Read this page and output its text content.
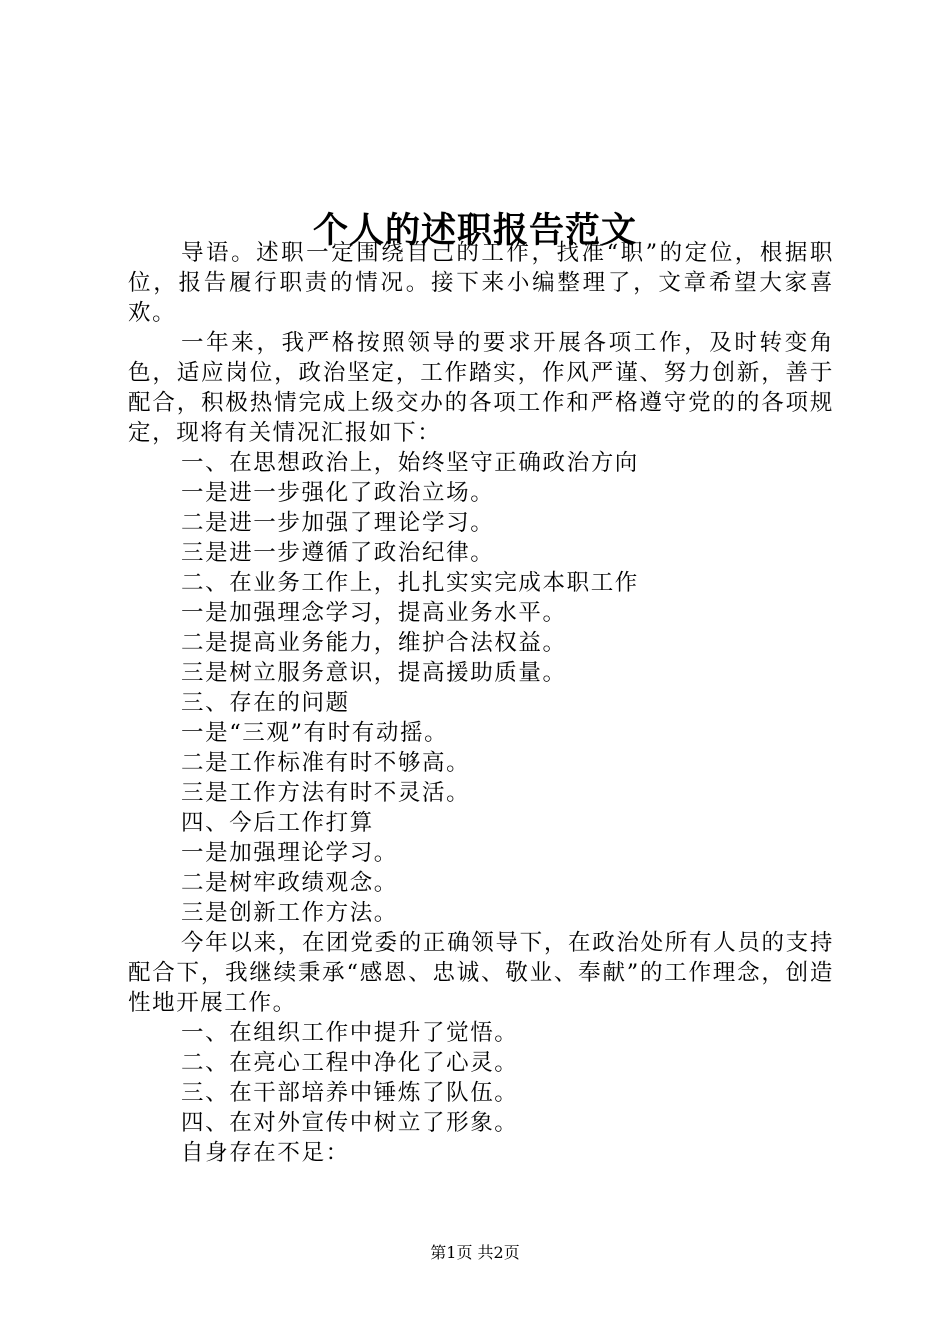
个人的述职报告范文

导语。述职一定围绕自己的工作，找准“职”的定位，根据职位，报告履行职责的情况。接下来小编整理了，文章希望大家喜欢。

一年来，我严格按照领导的要求开展各项工作，及时转变角色，适应岗位，政治坚定，工作踏实，作风严谨、努力创新，善于配合，积极热情完成上级交办的各项工作和严格遵守党的的各项规定，现将有关情况汇报如下：

一、在思想政治上，始终坚守正确政治方向

一是进一步强化了政治立场。

二是进一步加强了理论学习。

三是进一步遵循了政治纪律。

二、在业务工作上，扎扎实实完成本职工作

一是加强理念学习，提高业务水平。

二是提高业务能力，维护合法权益。

三是树立服务意识，提高援助质量。

三、存在的问题

一是“三观”有时有动摇。

二是工作标准有时不够高。

三是工作方法有时不灵活。

四、今后工作打算

一是加强理论学习。

二是树牢政绩观念。

三是创新工作方法。

今年以来，在团党委的正确领导下，在政治处所有人员的支持配合下，我继续秉承“感恩、忠诚、敬业、奉献”的工作理念，创造性地开展工作。

一、在组织工作中提升了觉悟。

二、在亮心工程中净化了心灵。

三、在干部培养中锤炼了队伍。

四、在对外宣传中树立了形象。

自身存在不足：

第1页 共2页
